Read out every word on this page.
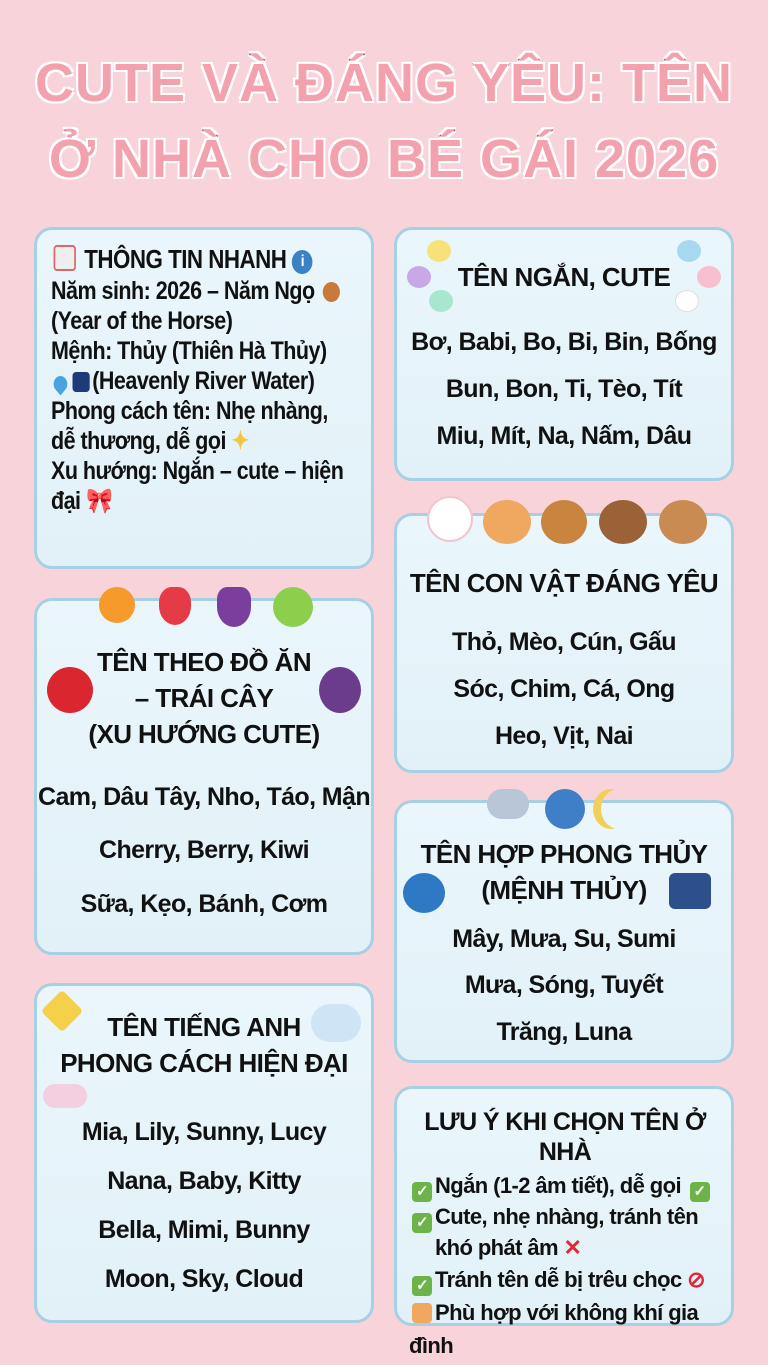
CUTE VÀ ĐÁNG YÊU: TÊN
Ở NHÀ CHO BÉ GÁI 2026
THÔNG TIN NHANH i
Năm sinh: 2026 – Năm Ngọ
(Year of the Horse)
Mệnh: Thủy (Thiên Hà Thủy)
(Heavenly River Water)
Phong cách tên: Nhẹ nhàng,
dễ thương, dễ gọi ✦
Xu hướng: Ngắn – cute – hiện
đại 🎀
TÊN NGẮN, CUTE
Bơ, Babi, Bo, Bi, Bin, Bống
Bun, Bon, Ti, Tèo, Tít
Miu, Mít, Na, Nấm, Dâu
TÊN THEO ĐỒ ĂN
– TRÁI CÂY
(XU HƯỚNG CUTE)
Cam, Dâu Tây, Nho, Táo, Mận
Cherry, Berry, Kiwi
Sữa, Kẹo, Bánh, Cơm
TÊN CON VẬT ĐÁNG YÊU
Thỏ, Mèo, Cún, Gấu
Sóc, Chim, Cá, Ong
Heo, Vịt, Nai
TÊN HỢP PHONG THỦY
(MỆNH THỦY)
Mây, Mưa, Su, Sumi
Mưa, Sóng, Tuyết
Trăng, Luna
TÊN TIẾNG ANH
PHONG CÁCH HIỆN ĐẠI
Mia, Lily, Sunny, Lucy
Nana, Baby, Kitty
Bella, Mimi, Bunny
Moon, Sky, Cloud
LƯU Ý KHI CHỌN TÊN Ở NHÀ
✓ Ngắn (1-2 âm tiết), dễ gọi ✓
✓ Cute, nhẹ nhàng, tránh tên
khó phát âm ✕
✓ Tránh tên dễ bị trêu chọc ⊘
Phù hợp với không khí gia đình
